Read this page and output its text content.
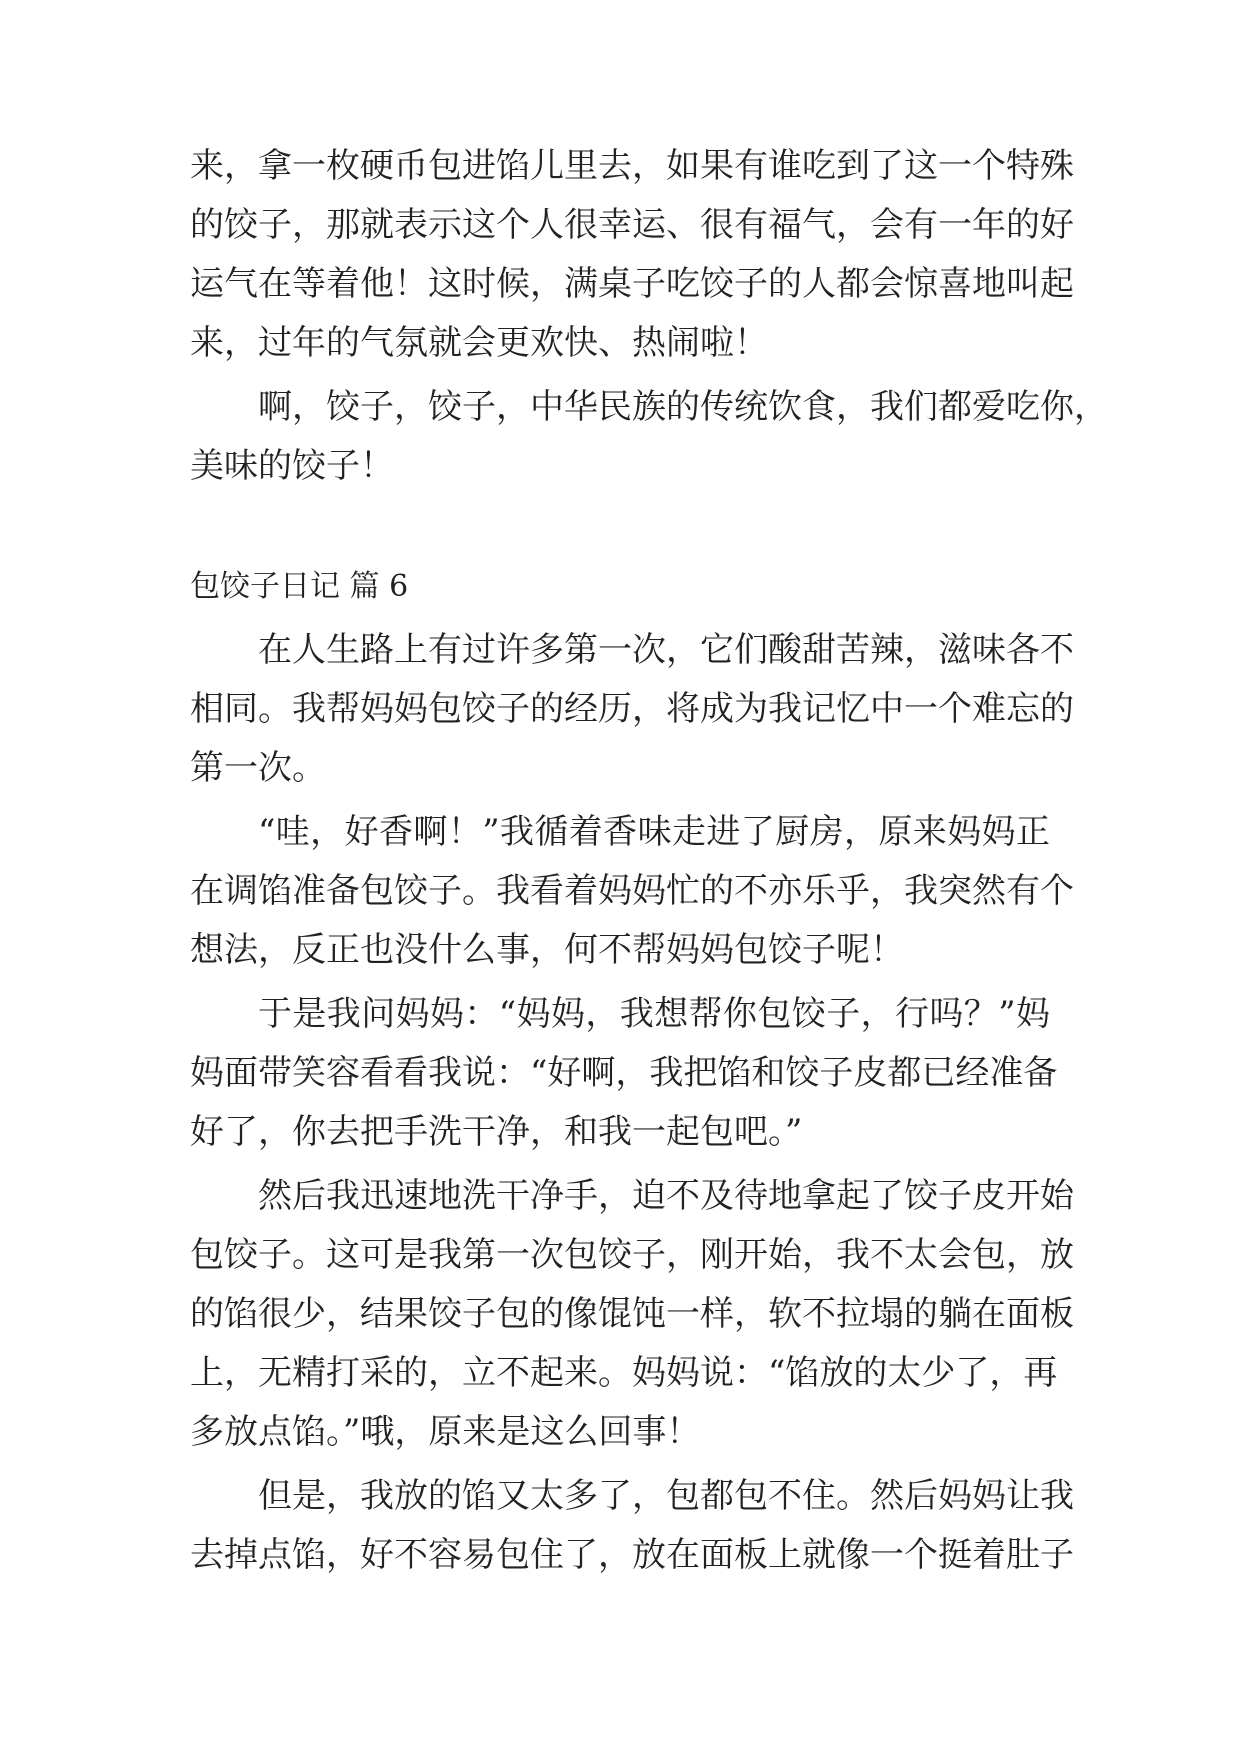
来，拿一枚硬币包进馅儿里去，如果有谁吃到了这一个特殊
的饺子，那就表示这个人很幸运、很有福气，会有一年的好
运气在等着他！这时候，满桌子吃饺子的人都会惊喜地叫起
来，过年的气氛就会更欢快、热闹啦！
啊，饺子，饺子，中华民族的传统饮食，我们都爱吃你，
美味的饺子！
包饺子日记 篇 6
在人生路上有过许多第一次，它们酸甜苦辣，滋味各不
相同。我帮妈妈包饺子的经历，将成为我记忆中一个难忘的
第一次。
“哇，好香啊！”我循着香味走进了厨房，原来妈妈正
在调馅准备包饺子。我看着妈妈忙的不亦乐乎，我突然有个
想法，反正也没什么事，何不帮妈妈包饺子呢！
于是我问妈妈：“妈妈，我想帮你包饺子，行吗？”妈
妈面带笑容看看我说：“好啊，我把馅和饺子皮都已经准备
好了，你去把手洗干净，和我一起包吧。”
然后我迅速地洗干净手，迫不及待地拿起了饺子皮开始
包饺子。这可是我第一次包饺子，刚开始，我不太会包，放
的馅很少，结果饺子包的像馄饨一样，软不拉塌的躺在面板
上，无精打采的，立不起来。妈妈说：“馅放的太少了，再
多放点馅。”哦，原来是这么回事！
但是，我放的馅又太多了，包都包不住。然后妈妈让我
去掉点馅，好不容易包住了，放在面板上就像一个挺着肚子
